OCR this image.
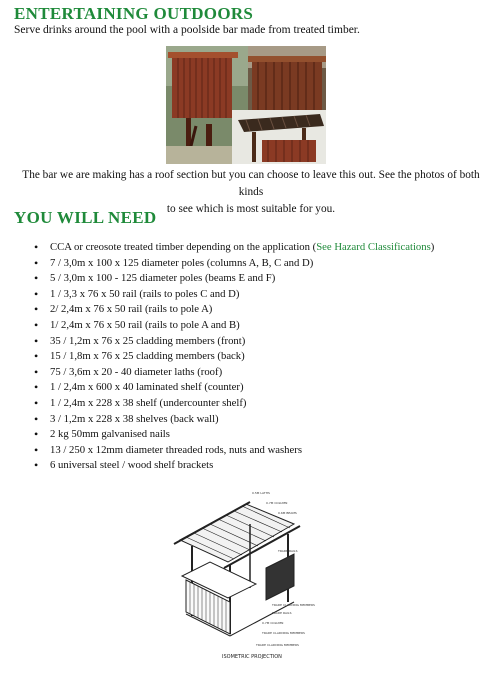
ENTERTAINING OUTDOORS
Serve drinks around the pool with a poolside bar made from treated timber.
The bar we are making has a roof section but you can choose to leave this out. See the photos of both kinds
to see which is most suitable for you.
YOU WILL NEED
• CCA or creosote treated timber depending on the application (See Hazard Classifications)
• 7 / 3,0m x 100 x 125 diameter poles (columns A, B, C and D)
• 5 / 3,0m x 100 - 125 diameter poles (beams E and F)
• 1 / 3,3 x 76 x 50 rail (rails to poles C and D)
• 2/ 2,4m x 76 x 50 rail (rails to pole A)
• 1/ 2,4m x 76 x 50 rail (rails to pole A and B)
• 35 / 1,2m x 76 x 25 cladding members (front)
• 15 / 1,8m x 76 x 25 cladding members (back)
• 75 / 3,6m x 20 - 40 diameter laths (roof)
• 1 / 2,4m x 600 x 40 laminated shelf (counter)
• 1 / 2,4m x 228 x 38 shelf (undercounter shelf)
• 3 / 1,2m x 228 x 38 shelves (back wall)
• 2 kg 50mm galvanised nails
• 13 / 250 x 12mm diameter threaded rods, nuts and washers
• 6 universal steel / wood shelf brackets
0.5M LATHS
0.7M COLUMN
0.6M BEAMS
TRADE RAILS
TRADE CLADDING MEMBERS
TRADE RAILS
0.7M COLUMN
TRADE CLADDING MEMBERS
TRADE CLADDING MEMBERS
ISOMETRIC PROJECTION
